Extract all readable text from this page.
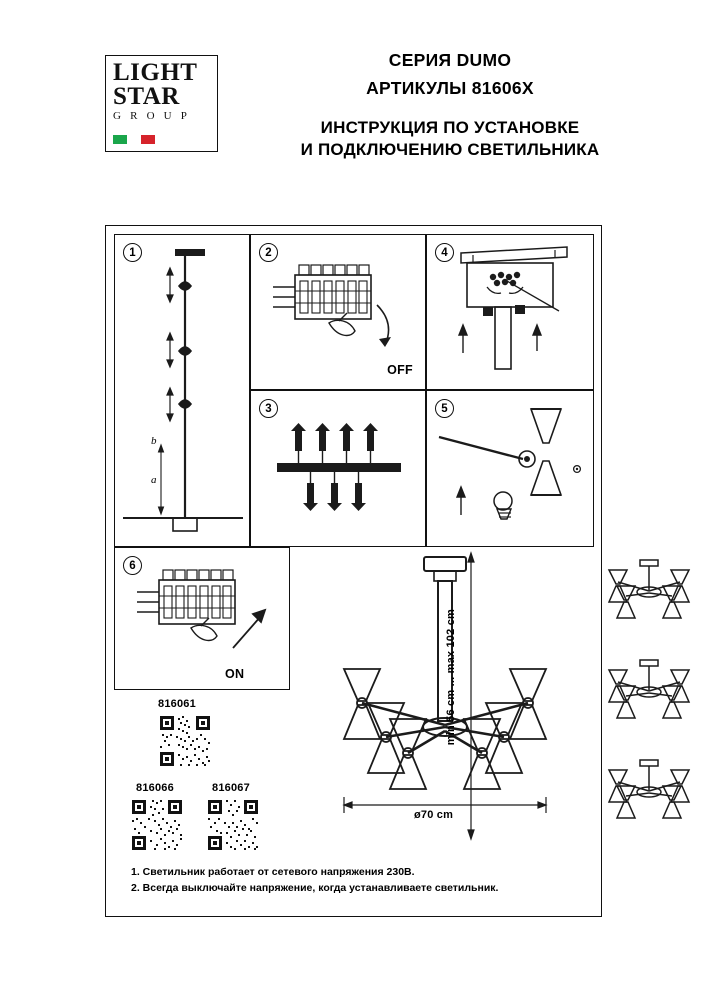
LIGHT
STAR
G R O U P
СЕРИЯ DUMO
АРТИКУЛЫ 81606X
ИНСТРУКЦИЯ ПО УСТАНОВКЕ
И ПОДКЛЮЧЕНИЮ СВЕТИЛЬНИКА
1
b
a
2
OFF
3
4
5
6
ON
816061
816066	816067
ø70 cm
min 56 cm ... max 102 cm
1. Светильник работает от сетевого напряжения 230В.
2. Всегда выключайте напряжение, когда устанавливаете светильник.
